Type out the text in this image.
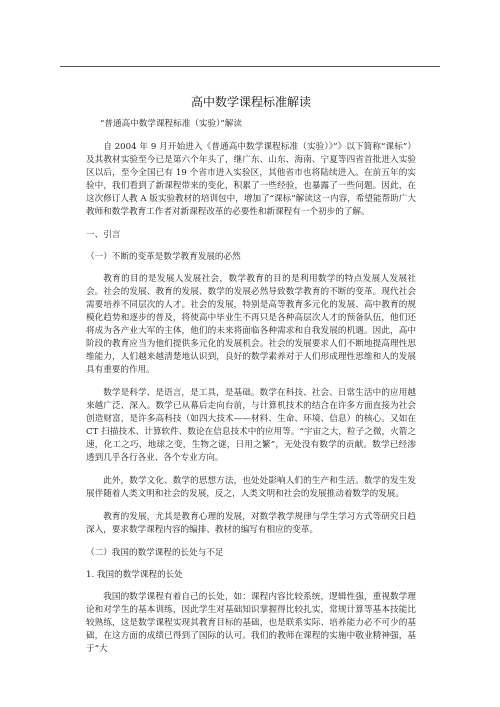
高中数学课程标准解读
“普通高中数学课程标准（实验）”解读

自 2004 年 9 月开始进入《普通高中数学课程标准（实验）》”》以下简称“课标”）及其教材实验至今已是第六个年头了，继广东、山东、海南、宁夏等四省首批进入实验区以后，至今全国已有 19 个省市进入实验区，其他省市也将陆续进入。在前五年的实验中，我们看到了新课程带来的变化，积累了一些经验，也暴露了一些问题。因此，在这次修订人教 A 版实验教材的培训包中，增加了“课标”解读这一内容，希望能帮助广大教师和数学教育工作者对新课程改革的必要性和新课程有一个初步的了解。

一、引言
（一）不断的变革是数学教育发展的必然

教育的目的是发展人发展社会，数学教育的目的是利用数学的特点发展人发展社会。社会的发展、教育的发展、数学的发展必然导致数学教育的不断的变革。现代社会需要培养不同层次的人才。社会的发展，特别是高等教育多元化的发展、高中教育的规模化趋势和逐步的普及，将使高中毕业生不再只是各种高层次人才的预备队伍，他们还将成为各产业大军的主体，他们的未来将面临各种需求和自我发展的机遇。因此，高中阶段的教育应当为他们提供多元化的发展机会。社会的发展要求人们不断地提高理性思维能力，人们越来越清楚地认识到，良好的数学素养对于人们形成理性思维和人的发展具有重要的作用。

数学是科学、是语言，是工具，是基础。数学在科技、社会、日常生活中的应用越来越广泛、深入。数学已从幕后走向台前，与计算机技术的结合在许多方面直接为社会创造财富，是许多高科技（如四大技术——材料、生命、环境、信息）的核心。又如在 CT 扫描技术、计算软件、数论在信息技术中的应用等。“宇宙之大，粒子之微，火箭之速，化工之巧，地球之变，生物之谜，日用之繁”，无处没有数学的贡献。数学已经渗透到几乎各行各业、各个专业方向。

此外，数学文化、数学的思想方法，也处处影响人们的生产和生活。数学的发生发展伴随着人类文明和社会的发展，反之，人类文明和社会的发展推动着数学的发展。

教育的发展，尤其是教育心理的发展，对数学教学规律与学生学习方式等研究日趋深入，要求数学课程内容的编排、教材的编写有相应的变革。

（二）我国的数学课程的长处与不足
1. 我国的数学课程的长处

我国的数学课程有着自己的长处，如：课程内容比较系统，逻辑性强，重视数学理论和对学生的基本训练，因此学生对基础知识掌握得比较扎实，常规计算等基本技能比较熟练，这是数学课程实现其教育目标的基础，也是联系实际、培养能力必不可少的基础，在这方面的成绩已得到了国际的认可。我们的教师在课程的实施中敬业精神强，基于“大
